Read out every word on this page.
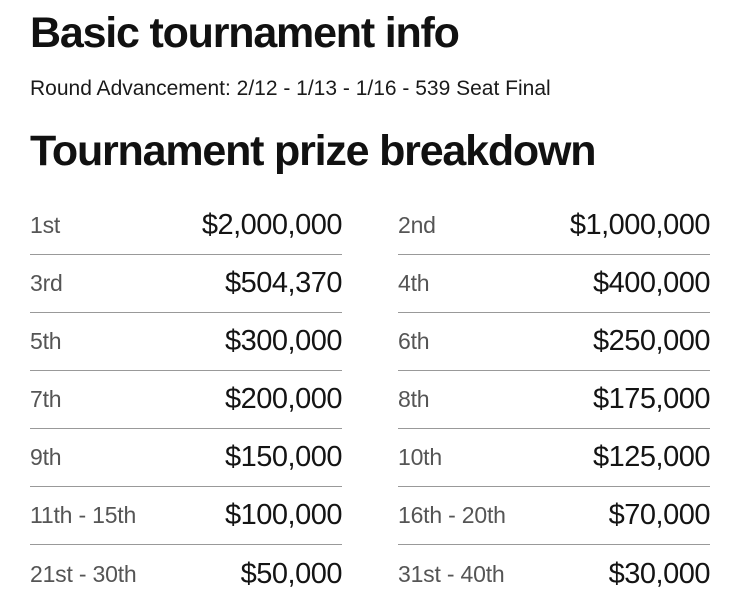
Basic tournament info

Round Advancement: 2/12 - 1/13 - 1/16 - 539 Seat Final

Tournament prize breakdown
1st	$2,000,000 2nd	$1,000,000
3rd	$504,370 4th	$400,000
5th	$300,000 6th	$250,000
7th	$200,000 8th	$175,000
9th	$150,000 10th	$125,000
11th - 15th	$100,000 16th - 20th	$70,000
21st - 30th	$50,000 31st - 40th	$30,000
